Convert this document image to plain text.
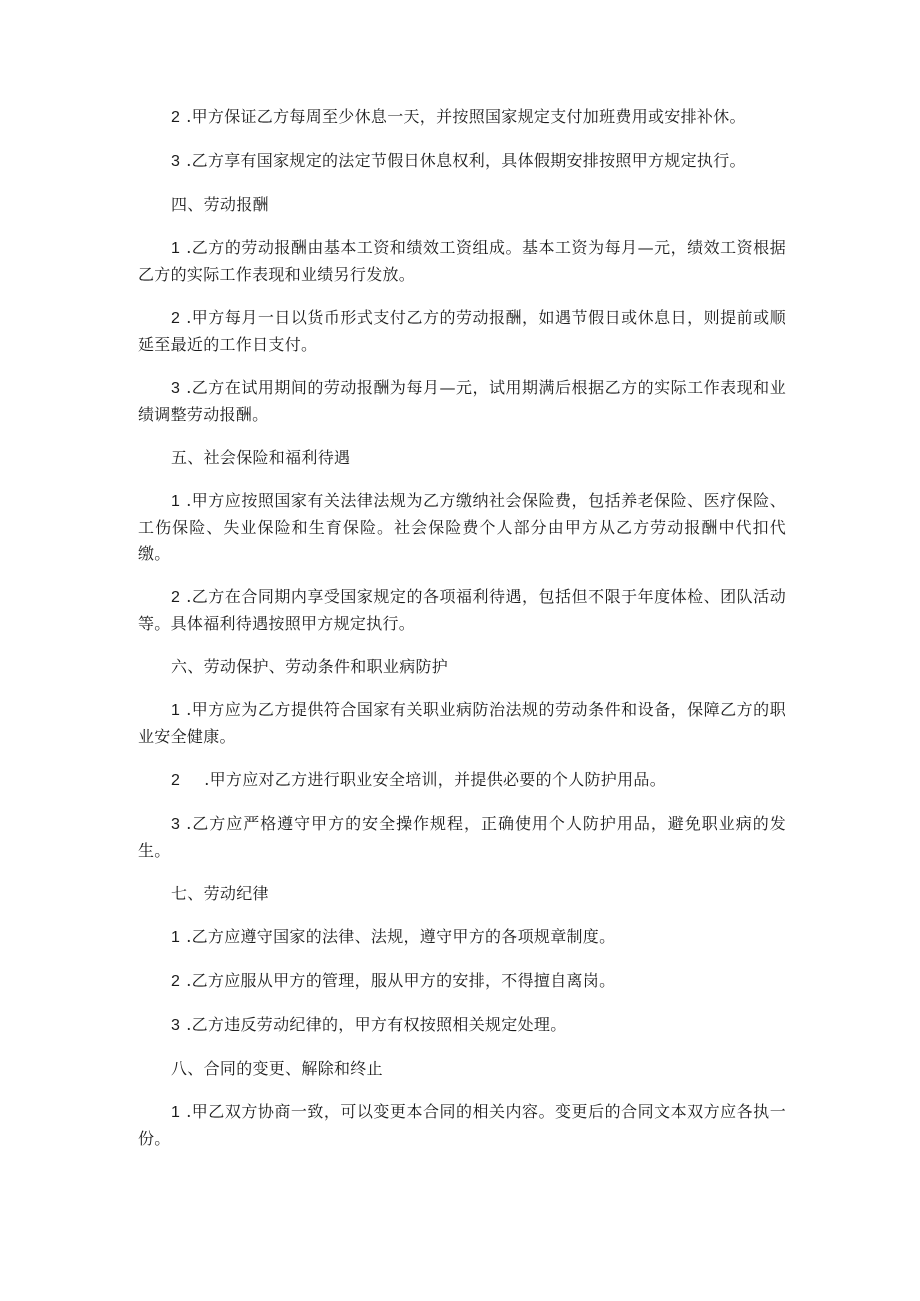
2 .甲方保证乙方每周至少休息一天，并按照国家规定支付加班费用或安排补休。

3 .乙方享有国家规定的法定节假日休息权利，具体假期安排按照甲方规定执行。

四、劳动报酬

1 .乙方的劳动报酬由基本工资和绩效工资组成。基本工资为每月—元，绩效工资根据乙方的实际工作表现和业绩另行发放。

2 .甲方每月一日以货币形式支付乙方的劳动报酬，如遇节假日或休息日，则提前或顺延至最近的工作日支付。

3 .乙方在试用期间的劳动报酬为每月—元，试用期满后根据乙方的实际工作表现和业绩调整劳动报酬。

五、社会保险和福利待遇

1 .甲方应按照国家有关法律法规为乙方缴纳社会保险费，包括养老保险、医疗保险、工伤保险、失业保险和生育保险。社会保险费个人部分由甲方从乙方劳动报酬中代扣代缴。

2 .乙方在合同期内享受国家规定的各项福利待遇，包括但不限于年度体检、团队活动等。具体福利待遇按照甲方规定执行。

六、劳动保护、劳动条件和职业病防护

1 .甲方应为乙方提供符合国家有关职业病防治法规的劳动条件和设备，保障乙方的职业安全健康。

2 .甲方应对乙方进行职业安全培训，并提供必要的个人防护用品。

3 .乙方应严格遵守甲方的安全操作规程，正确使用个人防护用品，避免职业病的发生。

七、劳动纪律

1 .乙方应遵守国家的法律、法规，遵守甲方的各项规章制度。

2 .乙方应服从甲方的管理，服从甲方的安排，不得擅自离岗。

3 .乙方违反劳动纪律的，甲方有权按照相关规定处理。

八、合同的变更、解除和终止

1 .甲乙双方协商一致，可以变更本合同的相关内容。变更后的合同文本双方应各执一份。
